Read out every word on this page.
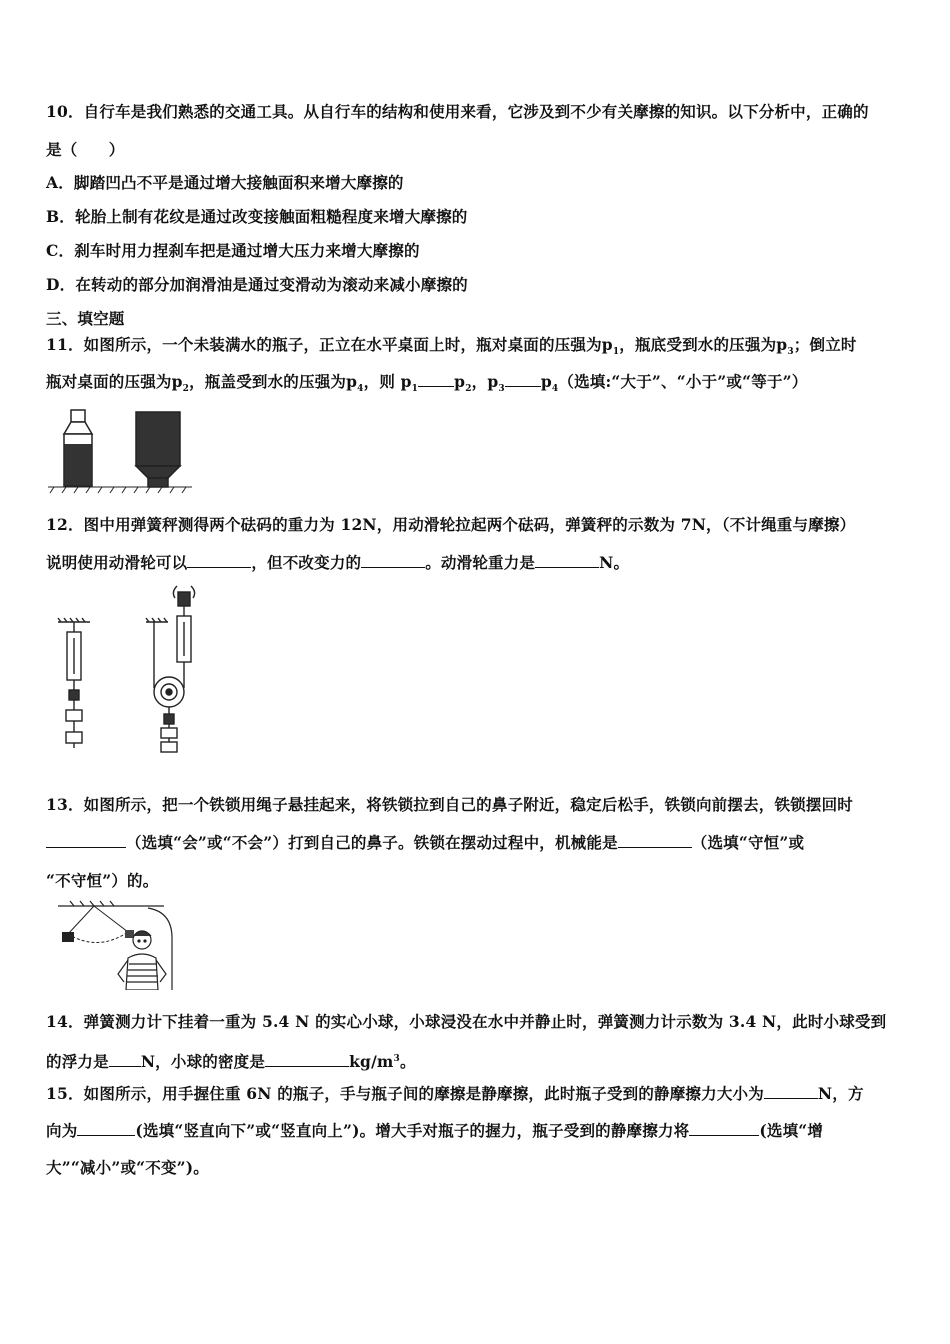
10．自行车是我们熟悉的交通工具。从自行车的结构和使用来看，它涉及到不少有关摩擦的知识。以下分析中，正确的
是（　　）
A．脚踏凹凸不平是通过增大接触面积来增大摩擦的
B．轮胎上制有花纹是通过改变接触面粗糙程度来增大摩擦的
C．刹车时用力捏刹车把是通过增大压力来增大摩擦的
D．在转动的部分加润滑油是通过变滑动为滚动来减小摩擦的
三、填空题
11．如图所示，一个未装满水的瓶子，正立在水平桌面上时，瓶对桌面的压强为$p_1$，瓶底受到水的压强为$p_3$；倒立时
瓶对桌面的压强为$p_2$，瓶盖受到水的压强为$p_4$，则 $p_1$ $p_2$，$p_3$ $p_4$（选填:“大于”、“小于”或“等于”）
12．图中用弹簧秤测得两个砝码的重力为 12N，用动滑轮拉起两个砝码，弹簧秤的示数为 7N，（不计绳重与摩擦）
说明使用动滑轮可以	，但不改变力的	。动滑轮重力是	N。
13．如图所示，把一个铁锁用绳子悬挂起来，将铁锁拉到自己的鼻子附近，稳定后松手，铁锁向前摆去，铁锁摆回时
（选填“会”或“不会”）打到自己的鼻子。铁锁在摆动过程中，机械能是	（选填“守恒”或
“不守恒”）的。
14．弹簧测力计下挂着一重为 5.4 N 的实心小球，小球浸没在水中并静止时，弹簧测力计示数为 3.4 N，此时小球受到
的浮力是 N，小球的密度是	$kg/m^3$。
15．如图所示，用手握住重 6N 的瓶子，手与瓶子间的摩擦是静摩擦，此时瓶子受到的静摩擦力大小为	N，方
向为	(选填“竖直向下”或“竖直向上”)。增大手对瓶子的握力，瓶子受到的静摩擦力将	(选填“增
大”“减小”或“不变”)。
